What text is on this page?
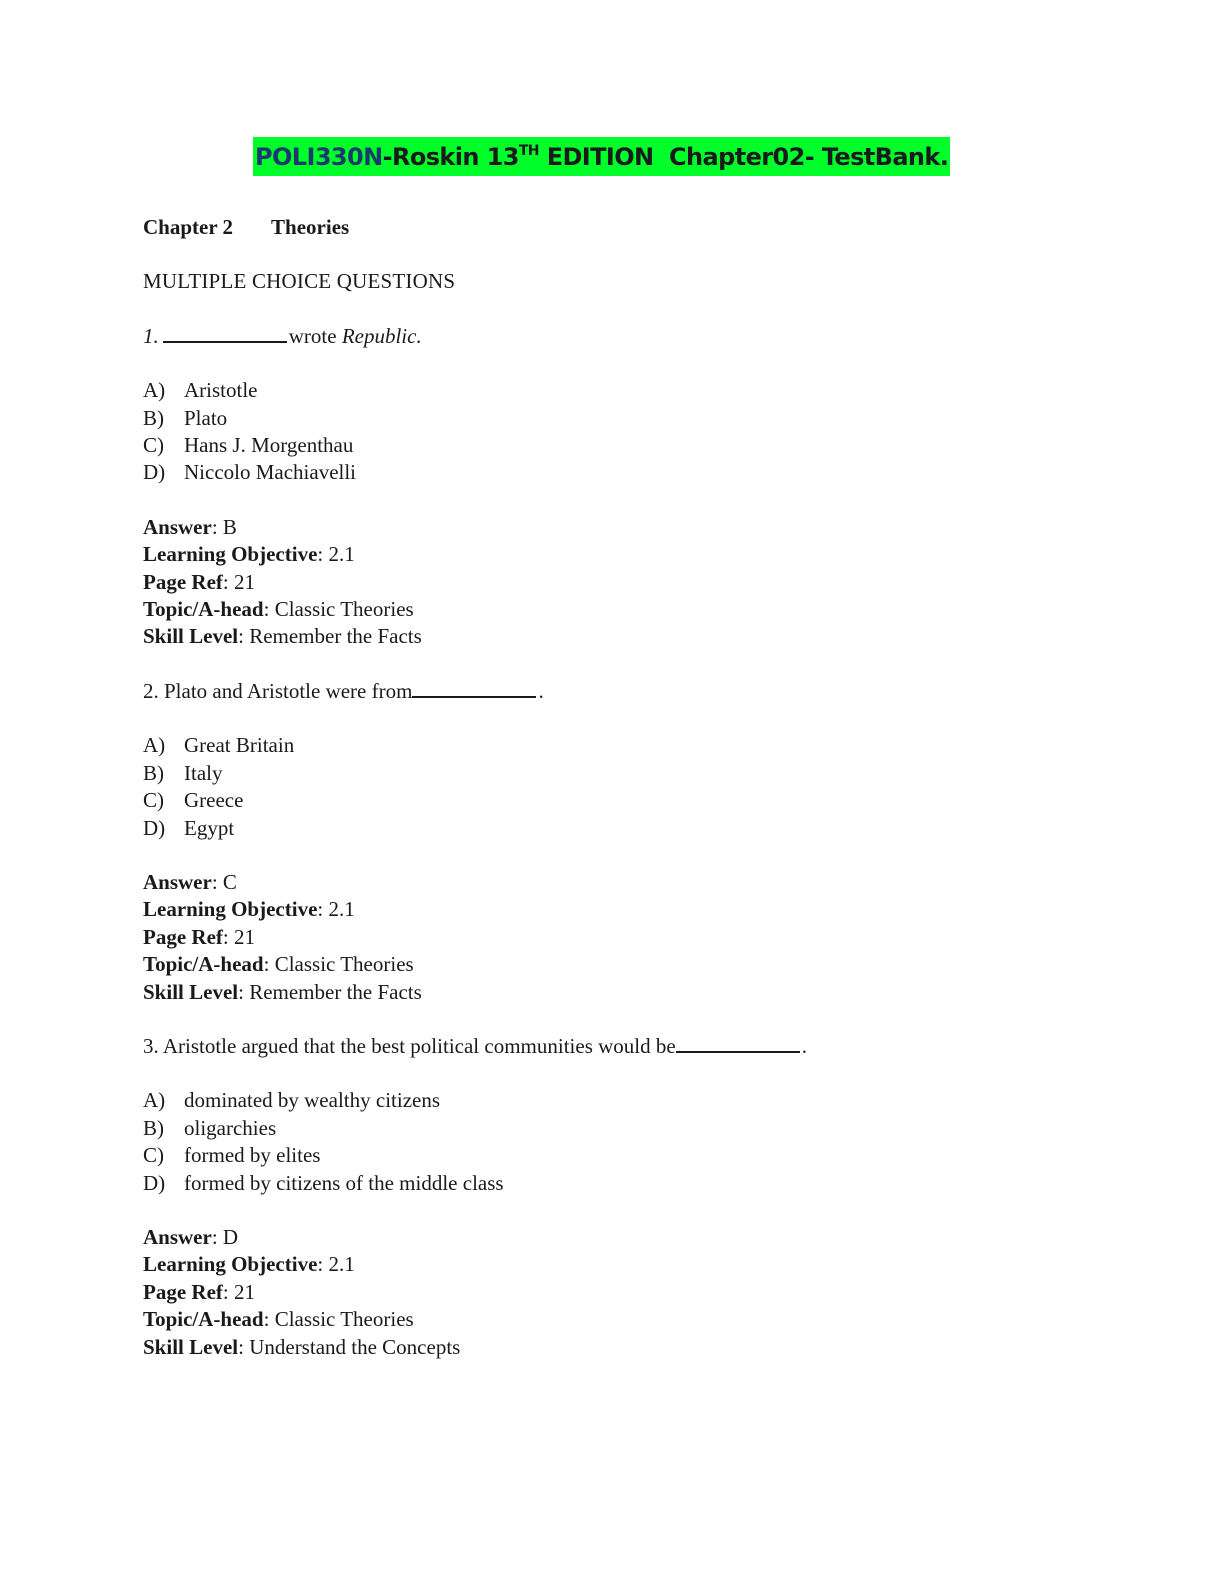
POLI330N-Roskin 13TH EDITION  Chapter02- TestBank.
Chapter 2 Theories
MULTIPLE CHOICE QUESTIONS
1.	wrote Republic.
A) Aristotle
B) Plato
C) Hans J. Morgenthau
D) Niccolo Machiavelli
Answer: B
Learning Objective: 2.1
Page Ref: 21
Topic/A-head: Classic Theories
Skill Level: Remember the Facts
2. Plato and Aristotle were from	.
A) Great Britain
B) Italy
C) Greece
D) Egypt
Answer: C
Learning Objective: 2.1
Page Ref: 21
Topic/A-head: Classic Theories
Skill Level: Remember the Facts
3. Aristotle argued that the best political communities would be	.
A) dominated by wealthy citizens
B) oligarchies
C) formed by elites
D) formed by citizens of the middle class
Answer: D
Learning Objective: 2.1
Page Ref: 21
Topic/A-head: Classic Theories
Skill Level: Understand the Concepts
